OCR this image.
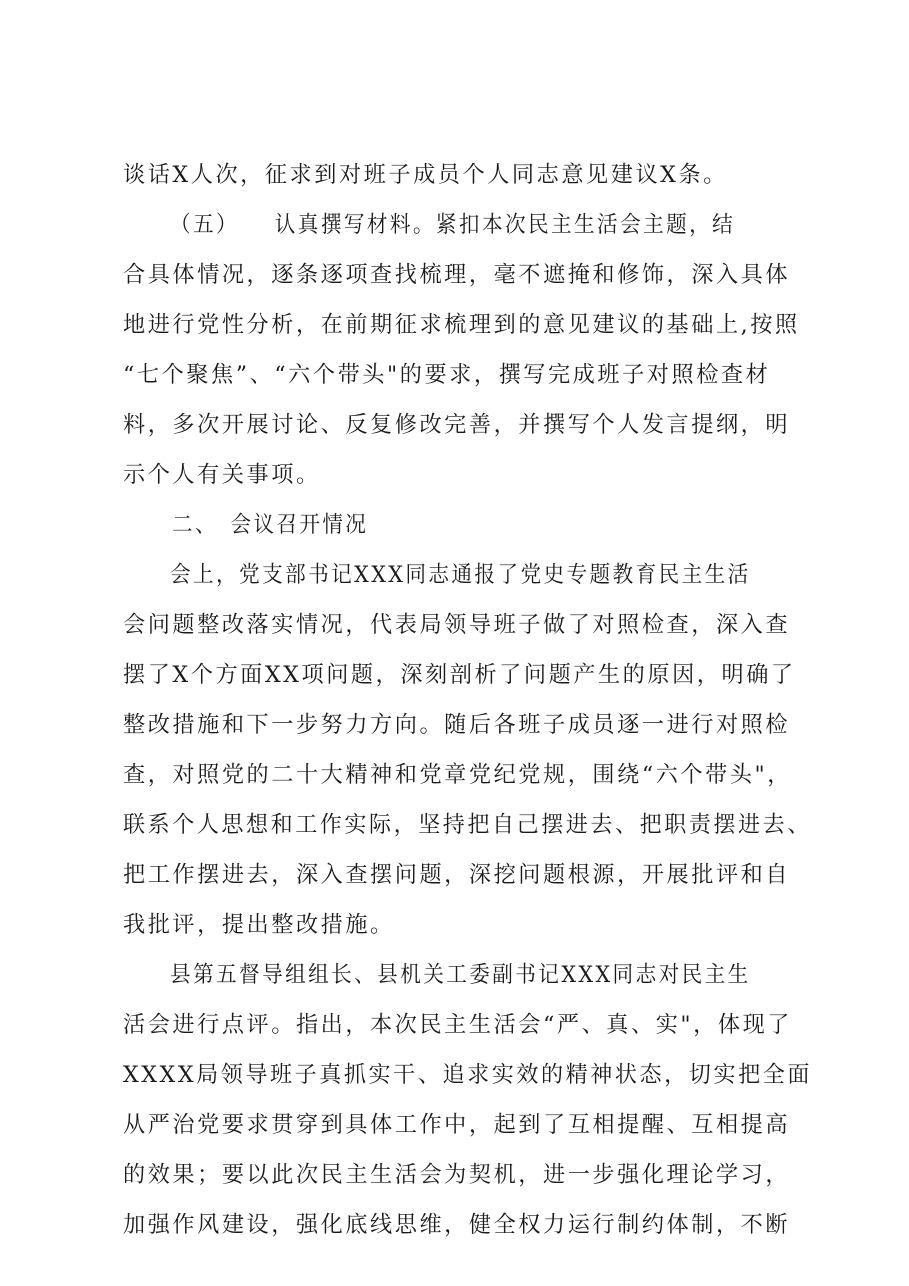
谈话X人次，征求到对班子成员个人同志意见建议X条。
（五）　　认真撰写材料。紧扣本次民主生活会主题，结
合具体情况，逐条逐项查找梳理，毫不遮掩和修饰，深入具体
地进行党性分析，在前期征求梳理到的意见建议的基础上,按照
“七个聚焦”、“六个带头"的要求，撰写完成班子对照检查材
料，多次开展讨论、反复修改完善，并撰写个人发言提纲，明
示个人有关事项。
二、　会议召开情况
会上，党支部书记XXX同志通报了党史专题教育民主生活
会问题整改落实情况，代表局领导班子做了对照检查，深入查
摆了X个方面XX项问题，深刻剖析了问题产生的原因，明确了
整改措施和下一步努力方向。随后各班子成员逐一进行对照检
查，对照党的二十大精神和党章党纪党规，围绕“六个带头"，
联系个人思想和工作实际，坚持把自己摆进去、把职责摆进去、
把工作摆进去，深入查摆问题，深挖问题根源，开展批评和自
我批评，提出整改措施。
县第五督导组组长、县机关工委副书记XXX同志对民主生
活会进行点评。指出，本次民主生活会“严、真、实"，体现了
XXXX局领导班子真抓实干、追求实效的精神状态，切实把全面
从严治党要求贯穿到具体工作中，起到了互相提醒、互相提高
的效果；要以此次民主生活会为契机，进一步强化理论学习，
加强作风建设，强化底线思维，健全权力运行制约体制，不断
